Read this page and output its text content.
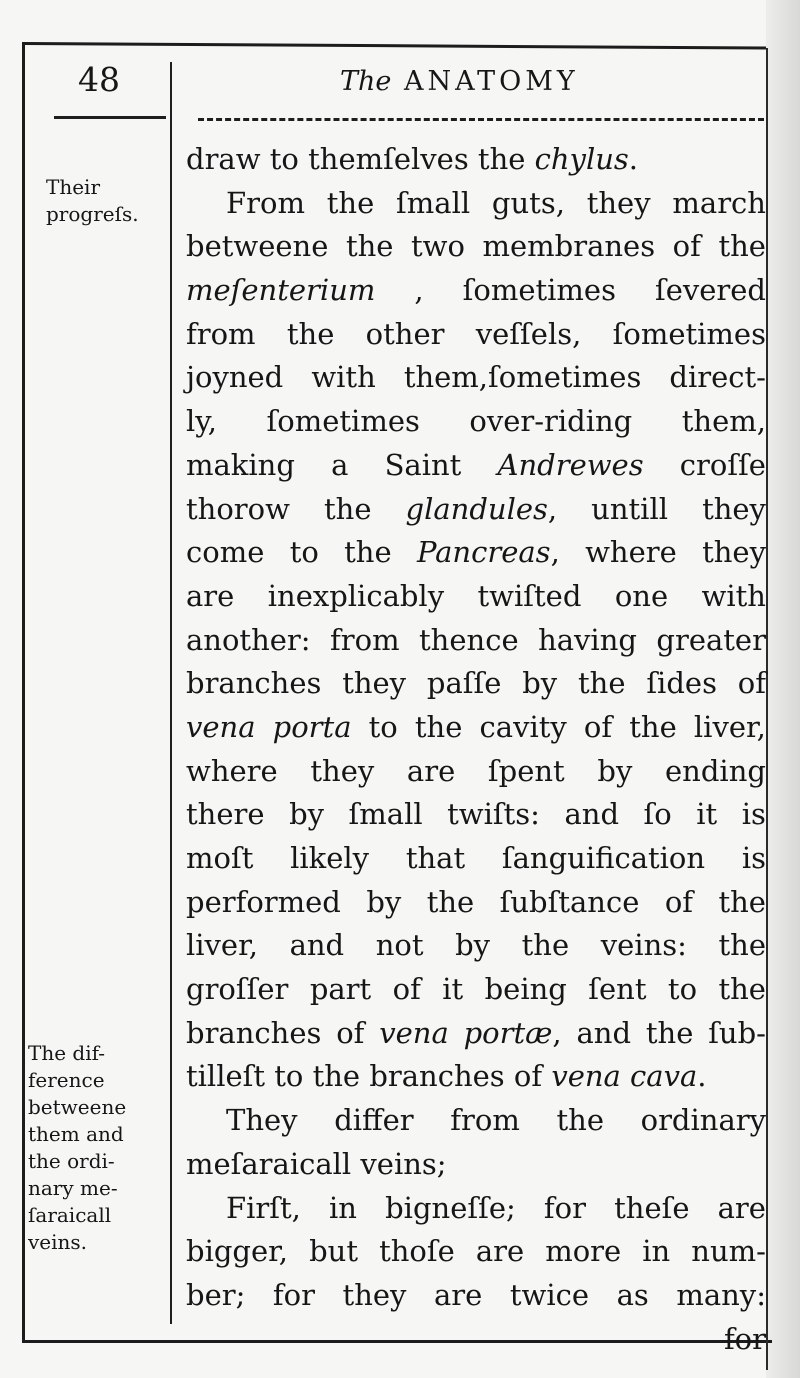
48	The ANATOMY
Their
progreſs.
The dif-
ference
betweene
them and
the ordi-
nary me-
ſaraicall
veins.
draw to themſelves the chylus.
From the ſmall guts, they march
betweene the two membranes of the
meſenterium , ſometimes ſevered
from the other veſſels, ſometimes
joyned with them,ſometimes direct-
ly, ſometimes over-riding them,
making a Saint Andrewes croſſe
thorow the glandules, untill they
come to the Pancreas, where they
are inexplicably twiſted one with
another: from thence having greater
branches they paſſe by the ſides of
vena porta to the cavity of the liver,
where they are ſpent by ending
there by ſmall twiſts: and ſo it is
moſt likely that ſanguification is
performed by the ſubſtance of the
liver, and not by the veins: the
groſſer part of it being ſent to the
branches of vena portæ, and the ſub-
tilleſt to the branches of vena cava.
They differ from the ordinary
meſaraicall veins;
Firſt, in bigneſſe; for theſe are
bigger, but thoſe are more in num-
ber; for they are twice as many:
for
